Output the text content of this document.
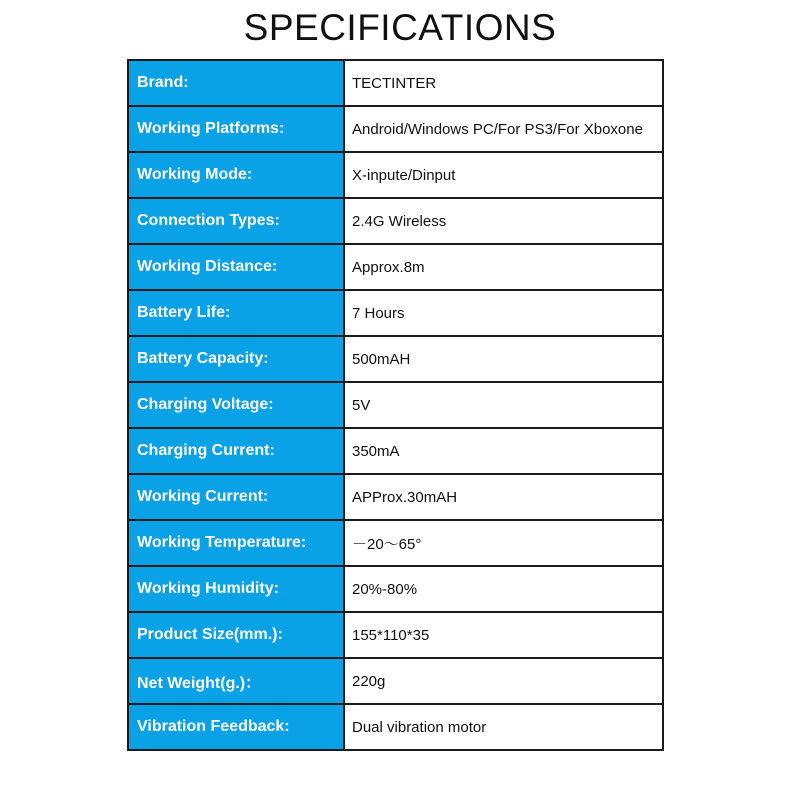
SPECIFICATIONS
Brand:	TECTINTER
Working Platforms:	Android/Windows PC/For PS3/For Xboxone
Working Mode:	X-inpute/Dinput
Connection Types:	2.4G Wireless
Working Distance:	Approx.8m
Battery Life:	7 Hours
Battery Capacity:	500mAH
Charging Voltage:	5V
Charging Current:	350mA
Working Current:	APProx.30mAH
Working Temperature:	－20～65°
Working Humidity:	20%-80%
Product Size(mm.):	155*110*35
Net Weight(g.)：	220g
Vibration Feedback:	Dual vibration motor
